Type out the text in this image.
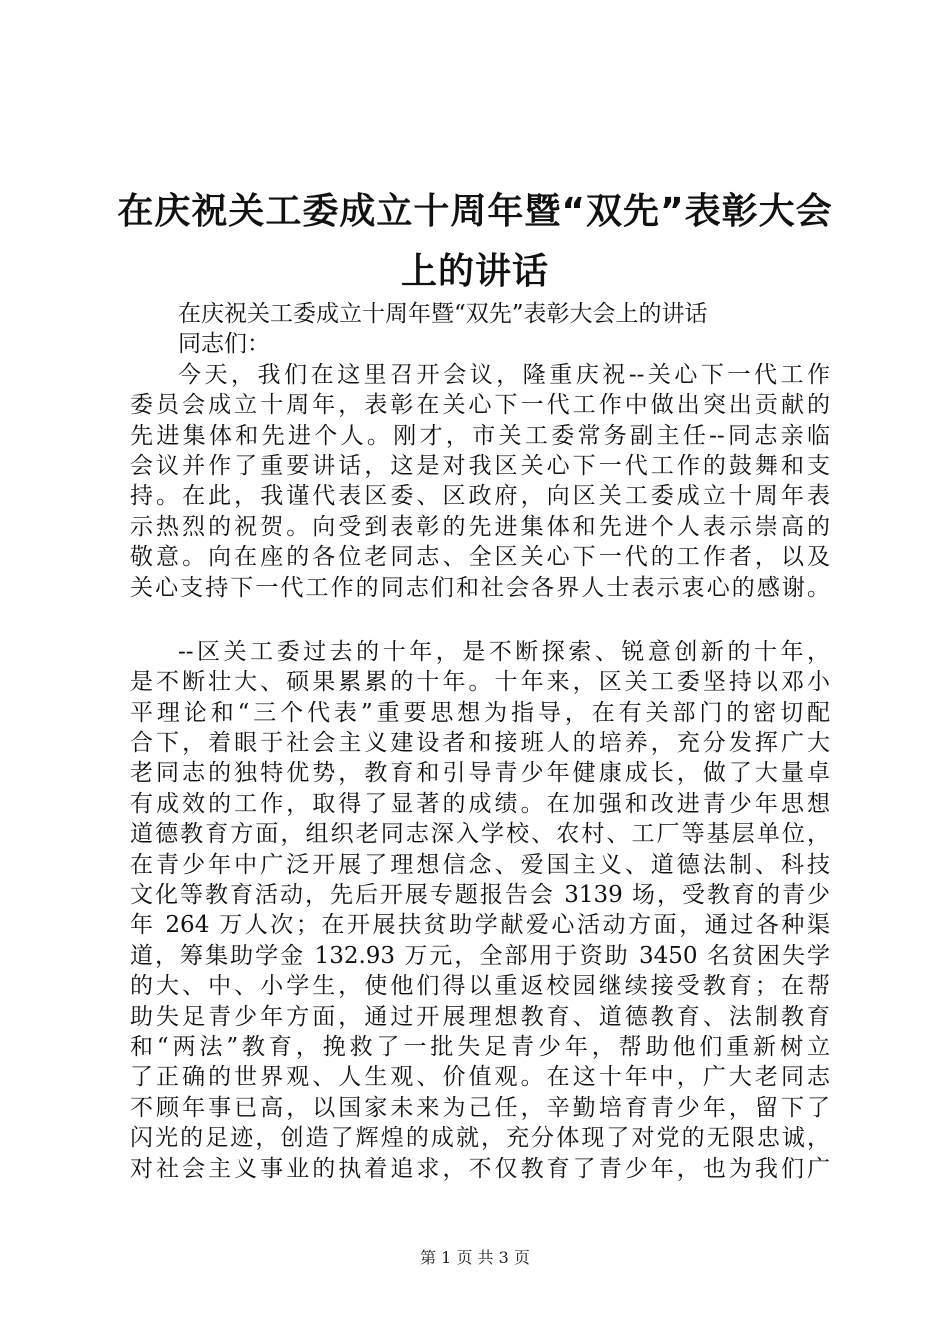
在庆祝关工委成立十周年暨“双先”表彰大会
上的讲话
在庆祝关工委成立十周年暨“双先”表彰大会上的讲话
同志们：
今天，我们在这里召开会议，隆重庆祝--关心下一代工作
委员会成立十周年，表彰在关心下一代工作中做出突出贡献的
先进集体和先进个人。刚才，市关工委常务副主任--同志亲临
会议并作了重要讲话，这是对我区关心下一代工作的鼓舞和支
持。在此，我谨代表区委、区政府，向区关工委成立十周年表
示热烈的祝贺。向受到表彰的先进集体和先进个人表示崇高的
敬意。向在座的各位老同志、全区关心下一代的工作者，以及
关心支持下一代工作的同志们和社会各界人士表示衷心的感谢。
--区关工委过去的十年，是不断探索、锐意创新的十年，
是不断壮大、硕果累累的十年。十年来，区关工委坚持以邓小
平理论和“三个代表”重要思想为指导，在有关部门的密切配
合下，着眼于社会主义建设者和接班人的培养，充分发挥广大
老同志的独特优势，教育和引导青少年健康成长，做了大量卓
有成效的工作，取得了显著的成绩。在加强和改进青少年思想
道德教育方面，组织老同志深入学校、农村、工厂等基层单位，
在青少年中广泛开展了理想信念、爱国主义、道德法制、科技
文化等教育活动，先后开展专题报告会 3139 场，受教育的青少
年 264 万人次；在开展扶贫助学献爱心活动方面，通过各种渠
道，筹集助学金 132.93 万元，全部用于资助 3450 名贫困失学
的大、中、小学生，使他们得以重返校园继续接受教育；在帮
助失足青少年方面，通过开展理想教育、道德教育、法制教育
和“两法”教育，挽救了一批失足青少年，帮助他们重新树立
了正确的世界观、人生观、价值观。在这十年中，广大老同志
不顾年事已高，以国家未来为己任，辛勤培育青少年，留下了
闪光的足迹，创造了辉煌的成就，充分体现了对党的无限忠诚，
对社会主义事业的执着追求，不仅教育了青少年，也为我们广
第 1 页 共 3 页
